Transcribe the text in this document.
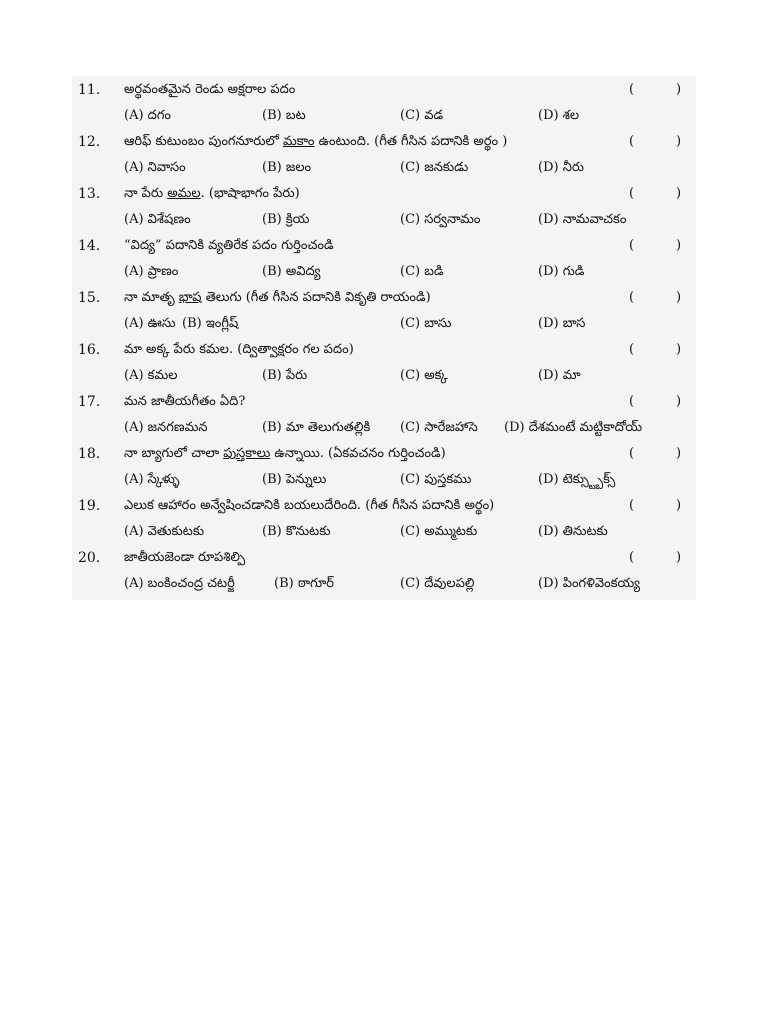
11.	అర్థవంతమైన రెండు అక్షరాల పదం	(	)
(A) దగం	(B) బట	(C) వడ	(D) శల
12.	ఆరిఫ్ కుటుంబం పుంగనూరులో మకాం ఉంటుంది. (గీత గీసిన పదానికి అర్థం )	(	)
(A) నివాసం	(B) జలం	(C) జనకుడు	(D) నీరు
13.	నా పేరు అమల. (భాషాభాగం పేరు)	(	)
(A) విశేషణం	(B) క్రియ	(C) సర్వనామం	(D) నామవాచకం
14.	“విద్య” పదానికి వ్యతిరేక పదం గుర్తించండి	(	)
(A) ప్రాణం	(B) అవిద్య	(C) బడి	(D) గుడి
15.	నా మాతృ భాష తెలుగు (గీత గీసిన పదానికి వికృతి రాయండి)	(	)
(A) ఊసు (B) ఇంగ్లీష్	(C) బాసు	(D) బాస
16.	మా అక్క పేరు కమల. (ద్విత్వాక్షరం గల పదం)	(	)
(A) కమల	(B) పేరు	(C) అక్క	(D) మా
17.	మన జాతీయగీతం ఏది?	(	)
(A) జనగణమన	(B) మా తెలుగుతల్లికి (C) సారేజహాసె (D) దేశమంటే మట్టికాదోయ్
18.	నా బ్యాగులో చాలా పుస్తకాలు ఉన్నాయి. (ఏకవచనం గుర్తించండి)	(	)
(A) స్కేళ్ళు	(B) పెన్నులు	(C) పుస్తకము	(D) టెక్స్ట్బుక్స్
19.	ఎలుక ఆహారం అన్వేషించడానికి బయలుదేరింది. (గీత గీసిన పదానికి అర్థం)	(	)
(A) వెతుకుటకు	(B) కొనుటకు	(C) అమ్ముటకు	(D) తినుటకు
20.	జాతీయజెండా రూపశిల్పి	(	)
(A) బంకించంద్ర చటర్జీ	(B) ఠాగూర్	(C) దేవులపల్లి	(D) పింగళివెంకయ్య
